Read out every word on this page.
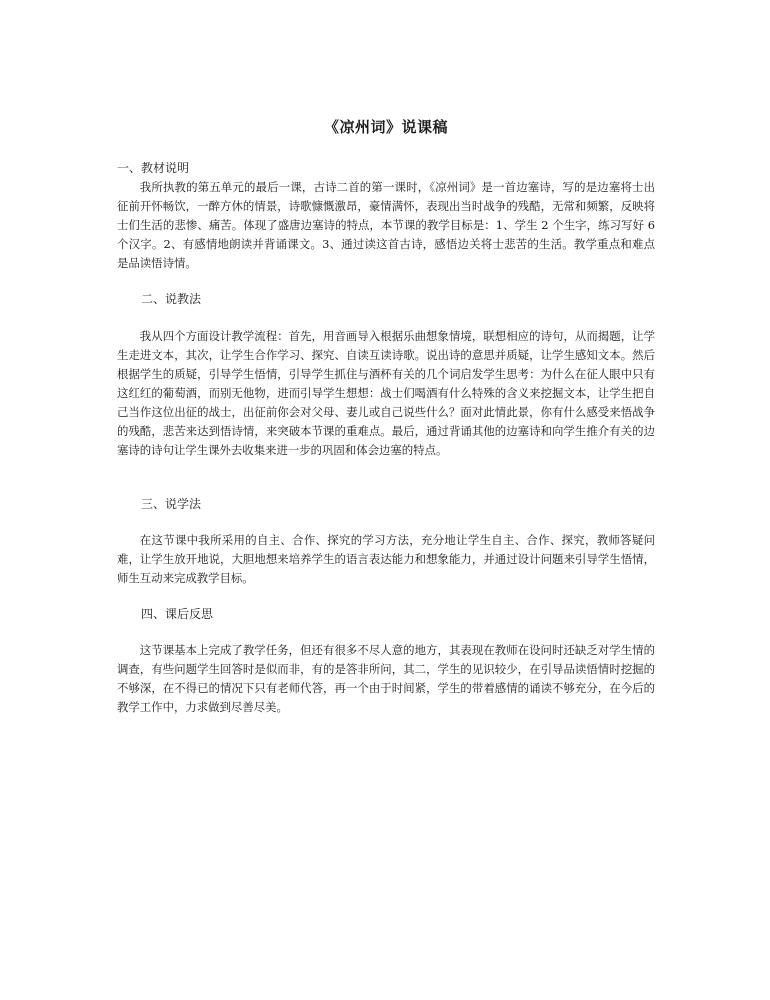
《凉州词》说课稿
一、教材说明
我所执教的第五单元的最后一课，古诗二首的第一课时，《凉州词》是一首边塞诗，写的是边塞将士出征前开怀畅饮，一醉方休的情景，诗歌慷慨激昂，豪情满怀，表现出当时战争的残酷，无常和频繁，反映将士们生活的悲惨、痛苦。体现了盛唐边塞诗的特点，本节课的教学目标是：1、学生 2 个生字，练习写好 6 个汉字。2、有感情地朗读并背诵课文。3、通过读这首古诗，感悟边关将士悲苦的生活。教学重点和难点是品读悟诗情。
二、说教法
我从四个方面设计教学流程：首先，用音画导入根据乐曲想象情境，联想相应的诗句，从而揭题，让学生走进文本，其次，让学生合作学习、探究、自读互读诗歌。说出诗的意思并质疑，让学生感知文本。然后根据学生的质疑，引导学生悟情，引导学生抓住与酒杯有关的几个词启发学生思考：为什么在征人眼中只有这红红的葡萄酒，而别无他物，进而引导学生想想：战士们喝酒有什么特殊的含义来挖掘文本，让学生把自己当作这位出征的战士，出征前你会对父母、妻儿或自己说些什么？面对此情此景，你有什么感受来悟战争的残酷，悲苦来达到悟诗情，来突破本节课的重难点。最后，通过背诵其他的边塞诗和向学生推介有关的边塞诗的诗句让学生课外去收集来进一步的巩固和体会边塞的特点。
三、说学法
在这节课中我所采用的自主、合作、探究的学习方法，充分地让学生自主、合作、探究，教师答疑问难，让学生放开地说，大胆地想来培养学生的语言表达能力和想象能力，并通过设计问题来引导学生悟情，师生互动来完成教学目标。
四、课后反思
这节课基本上完成了教学任务，但还有很多不尽人意的地方，其表现在教师在设问时还缺乏对学生情的调查，有些问题学生回答时是似而非，有的是答非所问，其二，学生的见识较少，在引导品读悟情时挖掘的不够深，在不得已的情况下只有老师代答，再一个由于时间紧，学生的带着感情的诵读不够充分，在今后的教学工作中，力求做到尽善尽美。
